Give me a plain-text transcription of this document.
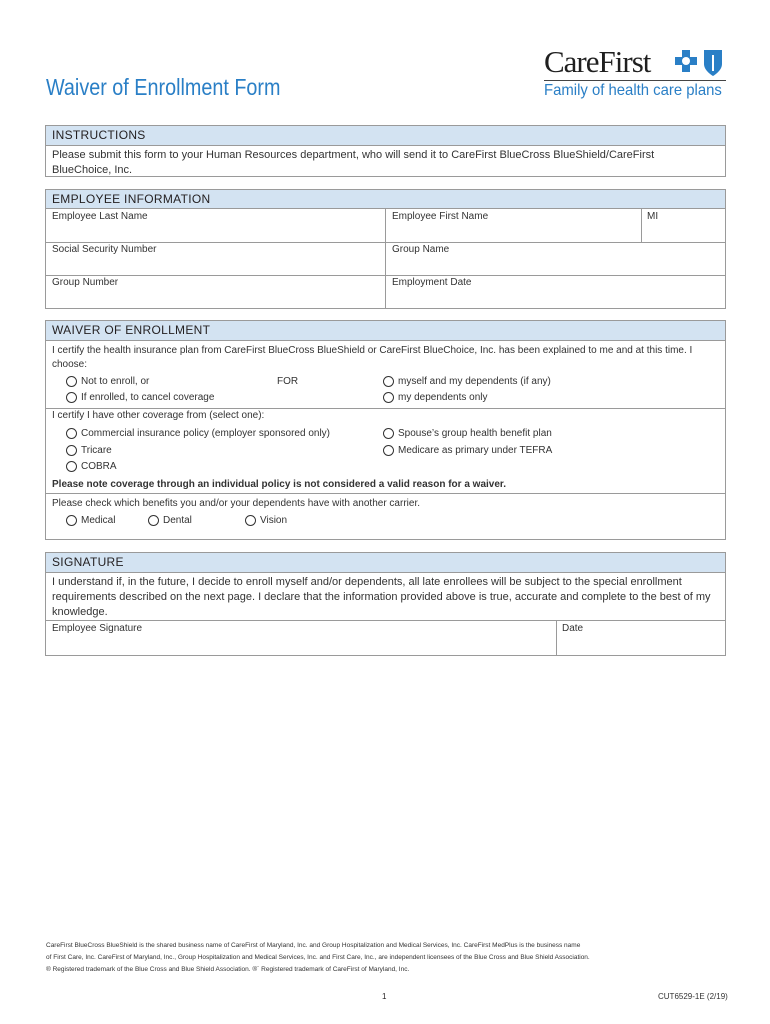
Waiver of Enrollment Form
CareFirst
Family of health care plans
INSTRUCTIONS
Please submit this form to your Human Resources department, who will send it to CareFirst BlueCross BlueShield/CareFirst BlueChoice, Inc.
EMPLOYEE INFORMATION
Employee Last Name	Employee First Name	MI
Social Security Number	Group Name
Group Number	Employment Date
WAIVER OF ENROLLMENT
I certify the health insurance plan from CareFirst BlueCross BlueShield or CareFirst BlueChoice, Inc. has been explained to me and at this time. I choose:
Not to enroll, or
If enrolled, to cancel coverage
FOR	myself and my dependents (if any)
my dependents only
I certify I have other coverage from (select one):
Commercial insurance policy (employer sponsored only)
Tricare
COBRA
Spouse’s group health benefit plan
Medicare as primary under TEFRA
Please note coverage through an individual policy is not considered a valid reason for a waiver.
Please check which benefits you and/or your dependents have with another carrier.
Medical	Dental	Vision
SIGNATURE
I understand if, in the future, I decide to enroll myself and/or dependents, all late enrollees will be subject to the special enrollment requirements described on the next page. I declare that the information provided above is true, accurate and complete to the best of my knowledge.
Employee Signature	Date
CareFirst BlueCross BlueShield is the shared business name of CareFirst of Maryland, Inc. and Group Hospitalization and Medical Services, Inc. CareFirst MedPlus is the business name
of First Care, Inc. CareFirst of Maryland, Inc., Group Hospitalization and Medical Services, Inc. and First Care, Inc., are independent licensees of the Blue Cross and Blue Shield Association.
® Registered trademark of the Blue Cross and Blue Shield Association. ®´ Registered trademark of CareFirst of Maryland, Inc.
1	CUT6529-1E (2/19)
